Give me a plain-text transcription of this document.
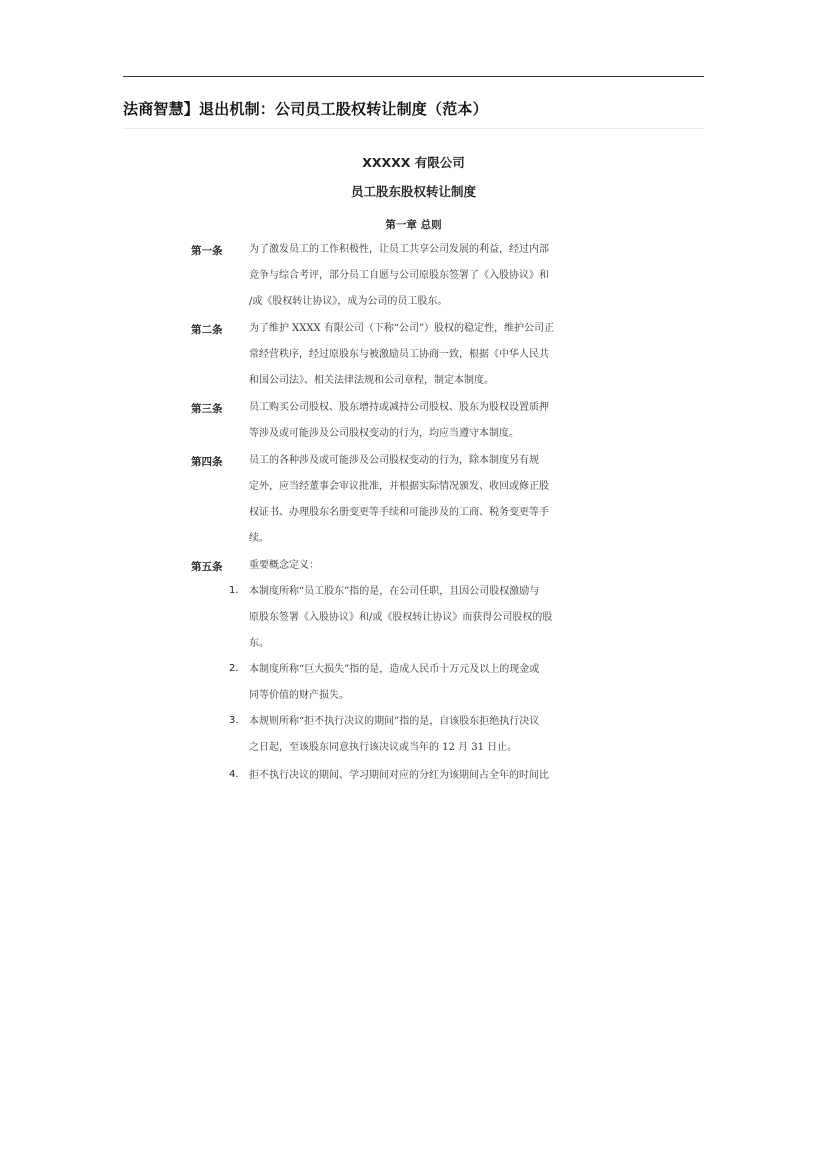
法商智慧】退出机制：公司员工股权转让制度（范本）
XXXXX 有限公司
员工股东股权转让制度
第一章 总则
第一条	为了激发员工的工作积极性，让员工共享公司发展的利益，经过内部
竞争与综合考评，部分员工自愿与公司原股东签署了《入股协议》和
/或《股权转让协议》，成为公司的员工股东。
第二条	为了维护 XXXX 有限公司（下称“公司”）股权的稳定性，维护公司正
常经营秩序，经过原股东与被激励员工协商一致，根据《中华人民共
和国公司法》、相关法律法规和公司章程，制定本制度。
第三条	员工购买公司股权、股东增持或减持公司股权、股东为股权设置质押
等涉及或可能涉及公司股权变动的行为，均应当遵守本制度。
第四条	员工的各种涉及或可能涉及公司股权变动的行为，除本制度另有规
定外，应当经董事会审议批准，并根据实际情况颁发、收回或修正股
权证书、办理股东名册变更等手续和可能涉及的工商、税务变更等手
续。
第五条	重要概念定义：
1. 本制度所称“员工股东”指的是，在公司任职，且因公司股权激励与
原股东签署《入股协议》和/或《股权转让协议》而获得公司股权的股
东。
2. 本制度所称“巨大损失”指的是，造成人民币十万元及以上的现金或
同等价值的财产损失。
3. 本规则所称“拒不执行决议的期间”指的是，自该股东拒绝执行决议
之日起，至该股东同意执行该决议或当年的 12 月 31 日止。
4. 拒不执行决议的期间、学习期间对应的分红为该期间占全年的时间比
